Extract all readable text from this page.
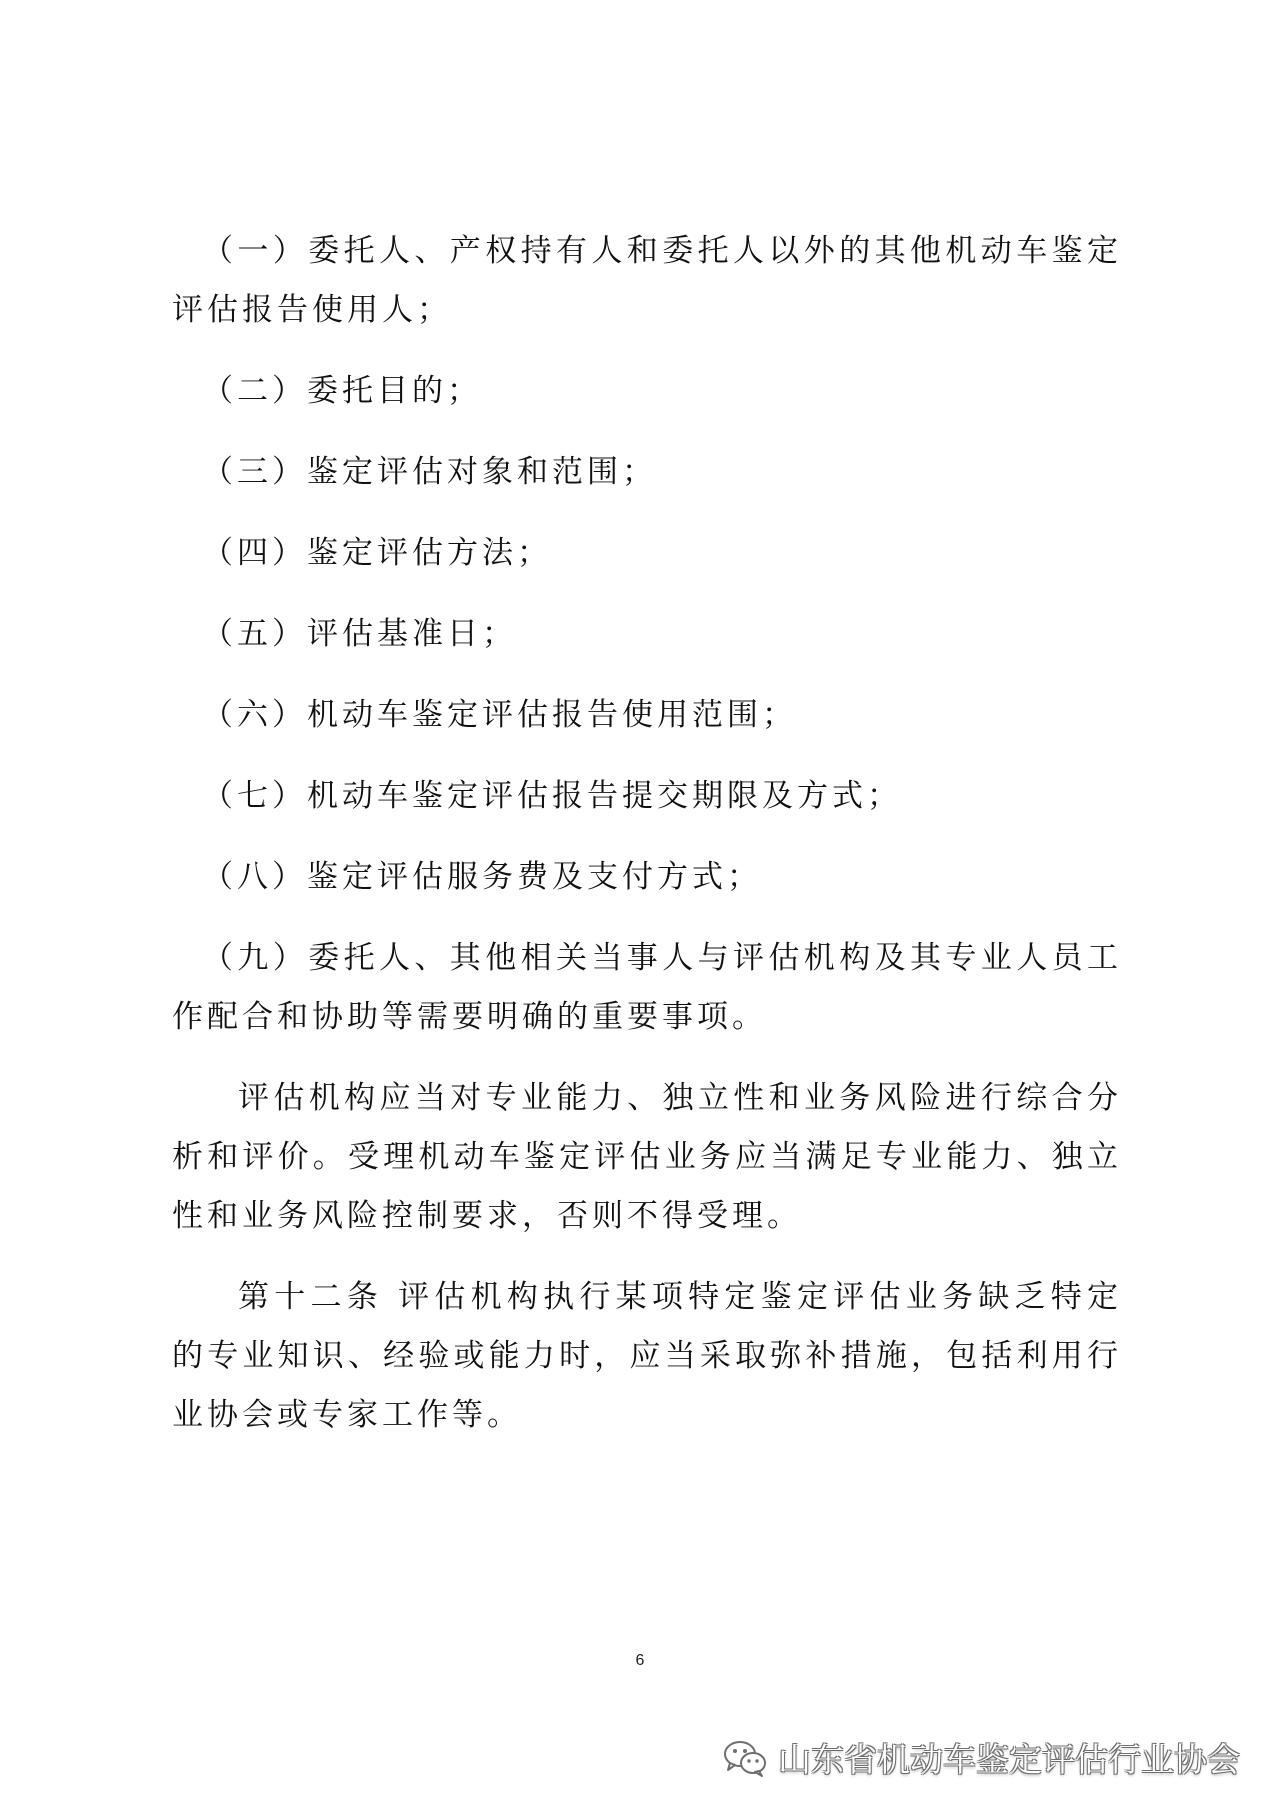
（一）委托人、产权持有人和委托人以外的其他机动车鉴定评估报告使用人；

（二）委托目的；

（三）鉴定评估对象和范围；

（四）鉴定评估方法；

（五）评估基准日；

（六）机动车鉴定评估报告使用范围；

（七）机动车鉴定评估报告提交期限及方式；

（八）鉴定评估服务费及支付方式；

（九）委托人、其他相关当事人与评估机构及其专业人员工作配合和协助等需要明确的重要事项。

评估机构应当对专业能力、独立性和业务风险进行综合分析和评价。受理机动车鉴定评估业务应当满足专业能力、独立性和业务风险控制要求，否则不得受理。

第十二条 评估机构执行某项特定鉴定评估业务缺乏特定的专业知识、经验或能力时，应当采取弥补措施，包括利用行业协会或专家工作等。

6
山东省机动车鉴定评估行业协会
